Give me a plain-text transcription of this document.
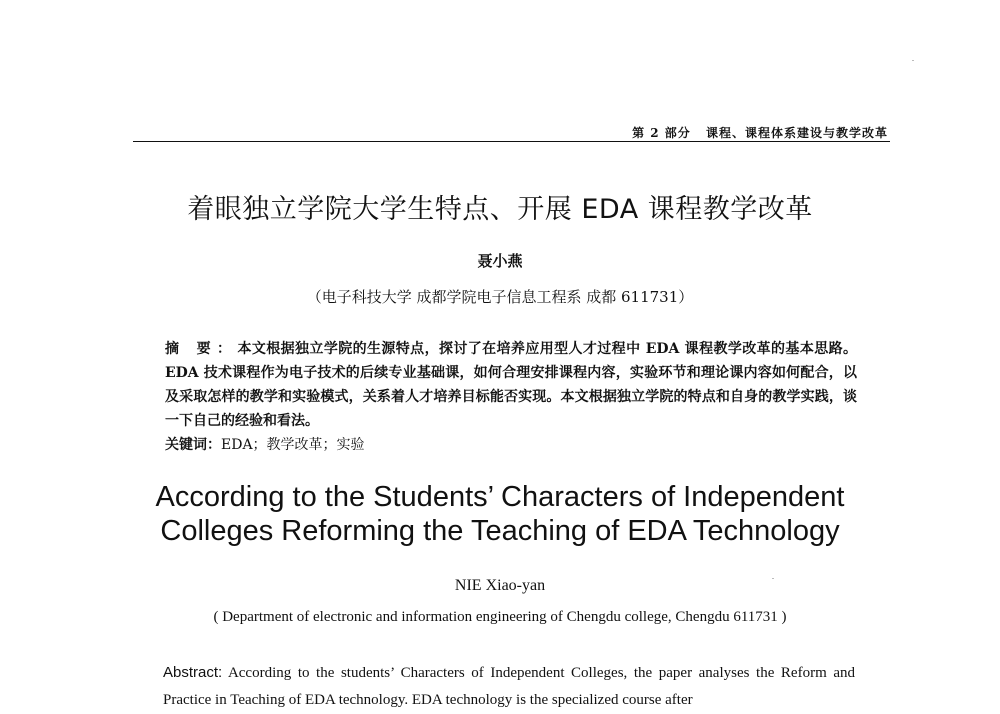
第 2 部分 课程、课程体系建设与教学改革
着眼独立学院大学生特点、开展 EDA 课程教学改革
聂小燕
（电子科技大学 成都学院电子信息工程系 成都 611731）

摘 要：本文根据独立学院的生源特点，探讨了在培养应用型人才过程中 EDA 课程教学改革的基本思路。EDA 技术课程作为电子技术的后续专业基础课，如何合理安排课程内容，实验环节和理论课内容如何配合，以及采取怎样的教学和实验模式，关系着人才培养目标能否实现。本文根据独立学院的特点和自身的教学实践，谈一下自己的经验和看法。

关键词：EDA；教学改革；实验
According to the Students’ Characters of Independent
Colleges Reforming the Teaching of EDA Technology
NIE Xiao-yan
( Department of electronic and information engineering of Chengdu college, Chengdu 611731 )

Abstract: According to the students’ Characters of Independent Colleges, the paper analyses the Reform and Practice in Teaching of EDA technology. EDA technology is the specialized course after
